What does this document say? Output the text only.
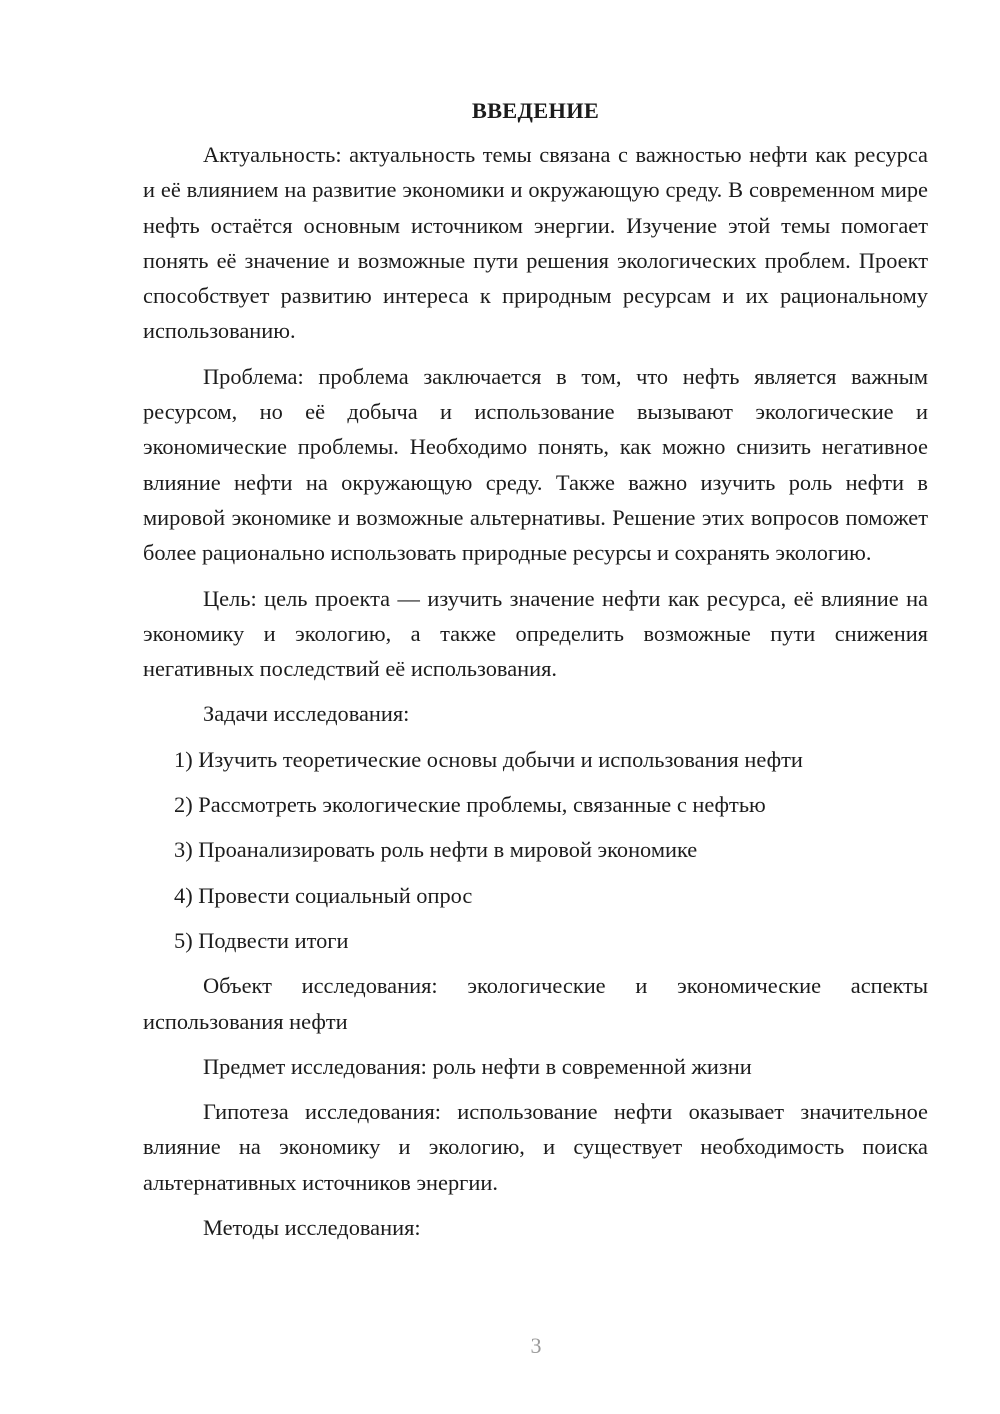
ВВЕДЕНИЕ

Актуальность: актуальность темы связана с важностью нефти как ресурса и её влиянием на развитие экономики и окружающую среду. В современном мире нефть остаётся основным источником энергии. Изучение этой темы помогает понять её значение и возможные пути решения экологических проблем. Проект способствует развитию интереса к природным ресурсам и их рациональному использованию.

Проблема: проблема заключается в том, что нефть является важным ресурсом, но её добыча и использование вызывают экологические и экономические проблемы. Необходимо понять, как можно снизить негативное влияние нефти на окружающую среду. Также важно изучить роль нефти в мировой экономике и возможные альтернативы. Решение этих вопросов поможет более рационально использовать природные ресурсы и сохранять экологию.

Цель: цель проекта — изучить значение нефти как ресурса, её влияние на экономику и экологию, а также определить возможные пути снижения негативных последствий её использования.

Задачи исследования:

1) Изучить теоретические основы добычи и использования нефти
2) Рассмотреть экологические проблемы, связанные с нефтью
3) Проанализировать роль нефти в мировой экономике
4) Провести социальный опрос
5) Подвести итоги

Объект исследования: экологические и экономические аспекты использования нефти

Предмет исследования: роль нефти в современной жизни

Гипотеза исследования: использование нефти оказывает значительное влияние на экономику и экологию, и существует необходимость поиска альтернативных источников энергии.

Методы исследования:

3
